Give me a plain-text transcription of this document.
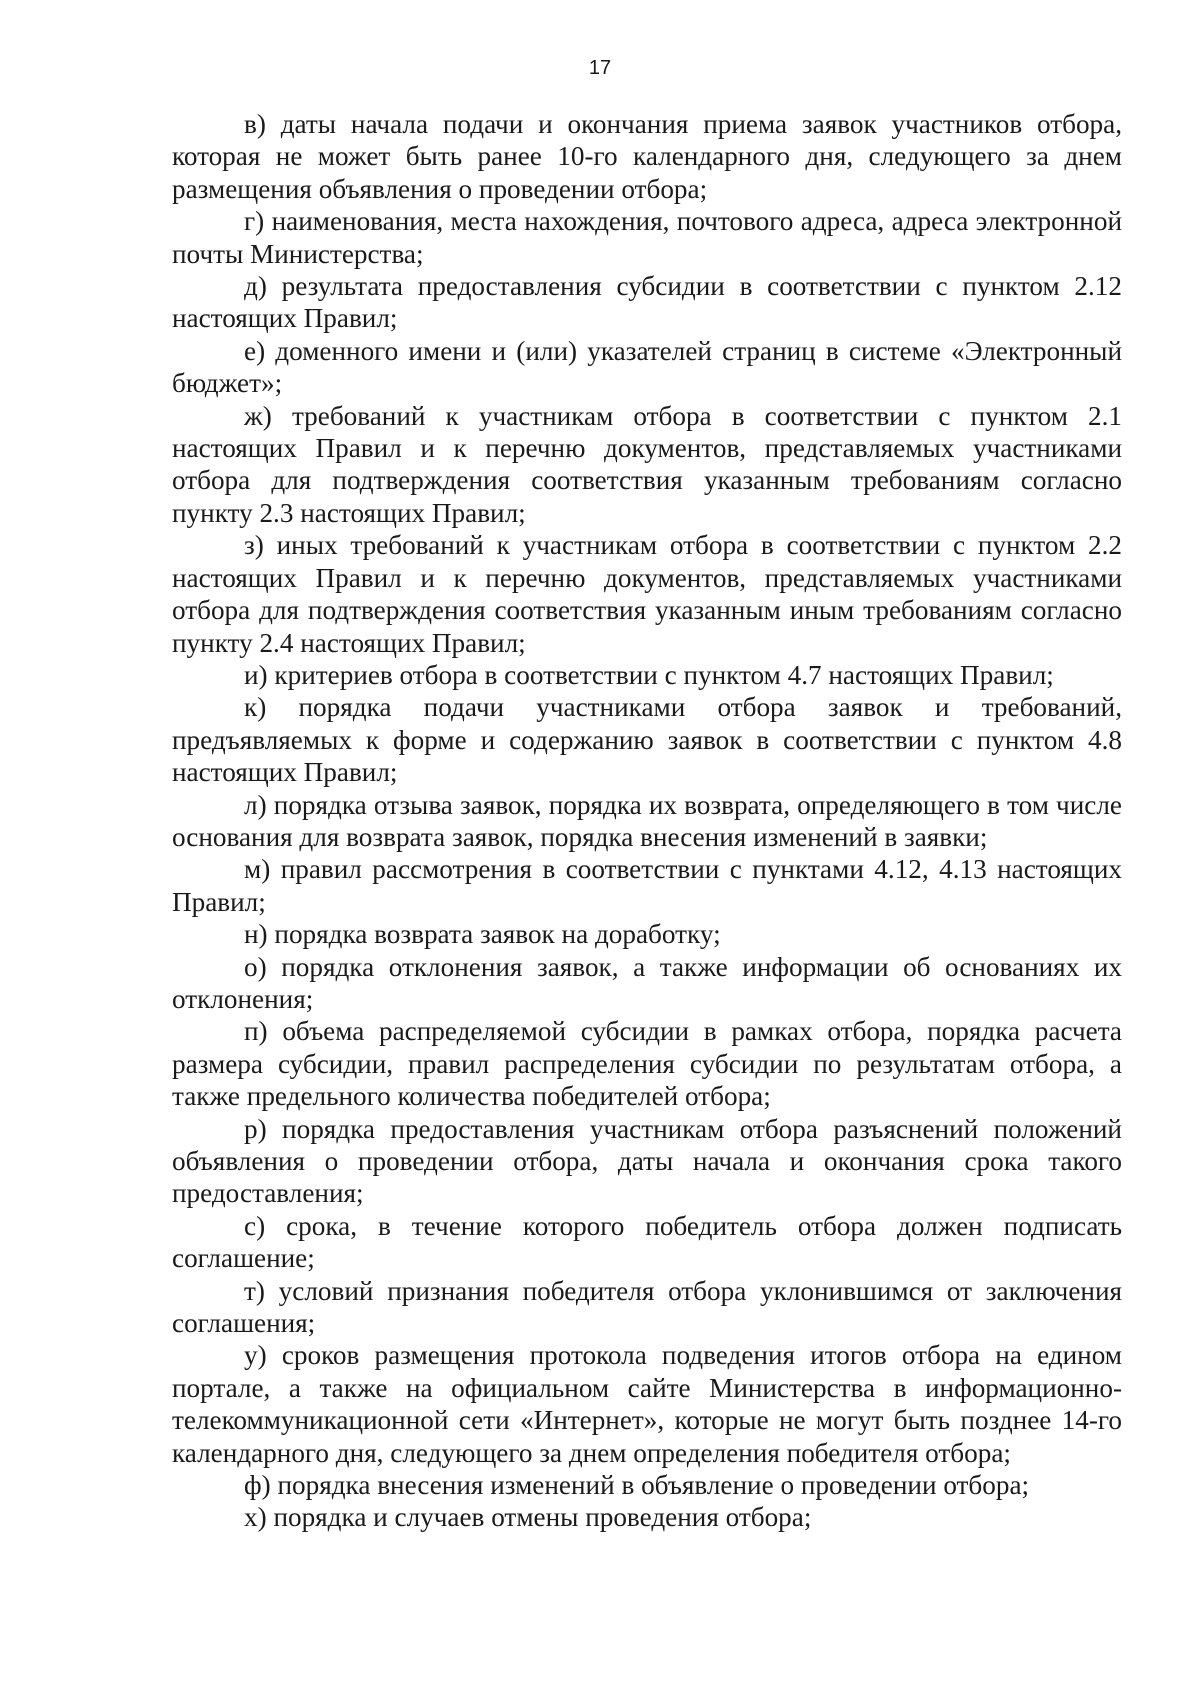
17

в) даты начала подачи и окончания приема заявок участников отбора, которая не может быть ранее 10-го календарного дня, следующего за днем размещения объявления о проведении отбора;

г) наименования, места нахождения, почтового адреса, адреса электронной почты Министерства;

д) результата предоставления субсидии в соответствии с пунктом 2.12 настоящих Правил;

е) доменного имени и (или) указателей страниц в системе «Электронный бюджет»;

ж) требований к участникам отбора в соответствии с пунктом 2.1 настоящих Правил и к перечню документов, представляемых участниками отбора для подтверждения соответствия указанным требованиям согласно пункту 2.3 настоящих Правил;

з) иных требований к участникам отбора в соответствии с пунктом 2.2 настоящих Правил и к перечню документов, представляемых участниками отбора для подтверждения соответствия указанным иным требованиям согласно пункту 2.4 настоящих Правил;

и) критериев отбора в соответствии с пунктом 4.7 настоящих Правил;

к) порядка подачи участниками отбора заявок и требований, предъявляемых к форме и содержанию заявок в соответствии с пунктом 4.8 настоящих Правил;

л) порядка отзыва заявок, порядка их возврата, определяющего в том числе основания для возврата заявок, порядка внесения изменений в заявки;

м) правил рассмотрения в соответствии с пунктами 4.12, 4.13 настоящих Правил;

н) порядка возврата заявок на доработку;

о) порядка отклонения заявок, а также информации об основаниях их отклонения;

п) объема распределяемой субсидии в рамках отбора, порядка расчета размера субсидии, правил распределения субсидии по результатам отбора, а также предельного количества победителей отбора;

р) порядка предоставления участникам отбора разъяснений положений объявления о проведении отбора, даты начала и окончания срока такого предоставления;

с) срока, в течение которого победитель отбора должен подписать соглашение;

т) условий признания победителя отбора уклонившимся от заключения соглашения;

у) сроков размещения протокола подведения итогов отбора на едином портале, а также на официальном сайте Министерства в информационно-телекоммуникационной сети «Интернет», которые не могут быть позднее 14-го календарного дня, следующего за днем определения победителя отбора;

ф) порядка внесения изменений в объявление о проведении отбора;

х) порядка и случаев отмены проведения отбора;
